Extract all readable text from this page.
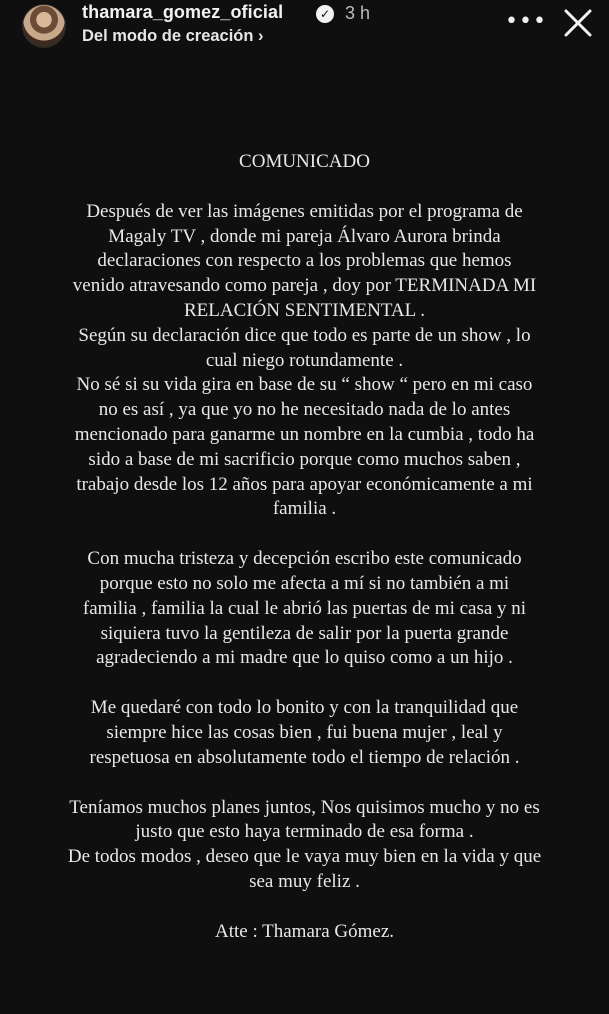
thamara_gomez_oficial	✓ 3 h
Del modo de creación ›
•••

COMUNICADO

Después de ver las imágenes emitidas por el programa de

Magaly TV , donde mi pareja Álvaro Aurora brinda

declaraciones con respecto a los problemas que hemos

venido atravesando como pareja , doy por TERMINADA MI

RELACIÓN SENTIMENTAL .

Según su declaración dice que todo es parte de un show , lo

cual niego rotundamente .

No sé si su vida gira en base de su “ show “ pero en mi caso

no es así , ya que yo no he necesitado nada de lo antes

mencionado para ganarme un nombre en la cumbia , todo ha

sido a base de mi sacrificio porque como muchos saben ,

trabajo desde los 12 años para apoyar económicamente a mi

familia .

Con mucha tristeza y decepción escribo este comunicado

porque esto no solo me afecta a mí si no también a mi

familia , familia la cual le abrió las puertas de mi casa y ni

siquiera tuvo la gentileza de salir por la puerta grande

agradeciendo a mi madre que lo quiso como a un hijo .

Me quedaré con todo lo bonito y con la tranquilidad que

siempre hice las cosas bien , fui buena mujer , leal y

respetuosa en absolutamente todo el tiempo de relación .

Teníamos muchos planes juntos, Nos quisimos mucho y no es

justo que esto haya terminado de esa forma .

De todos modos , deseo que le vaya muy bien en la vida y que

sea muy feliz .

Atte : Thamara Gómez.
